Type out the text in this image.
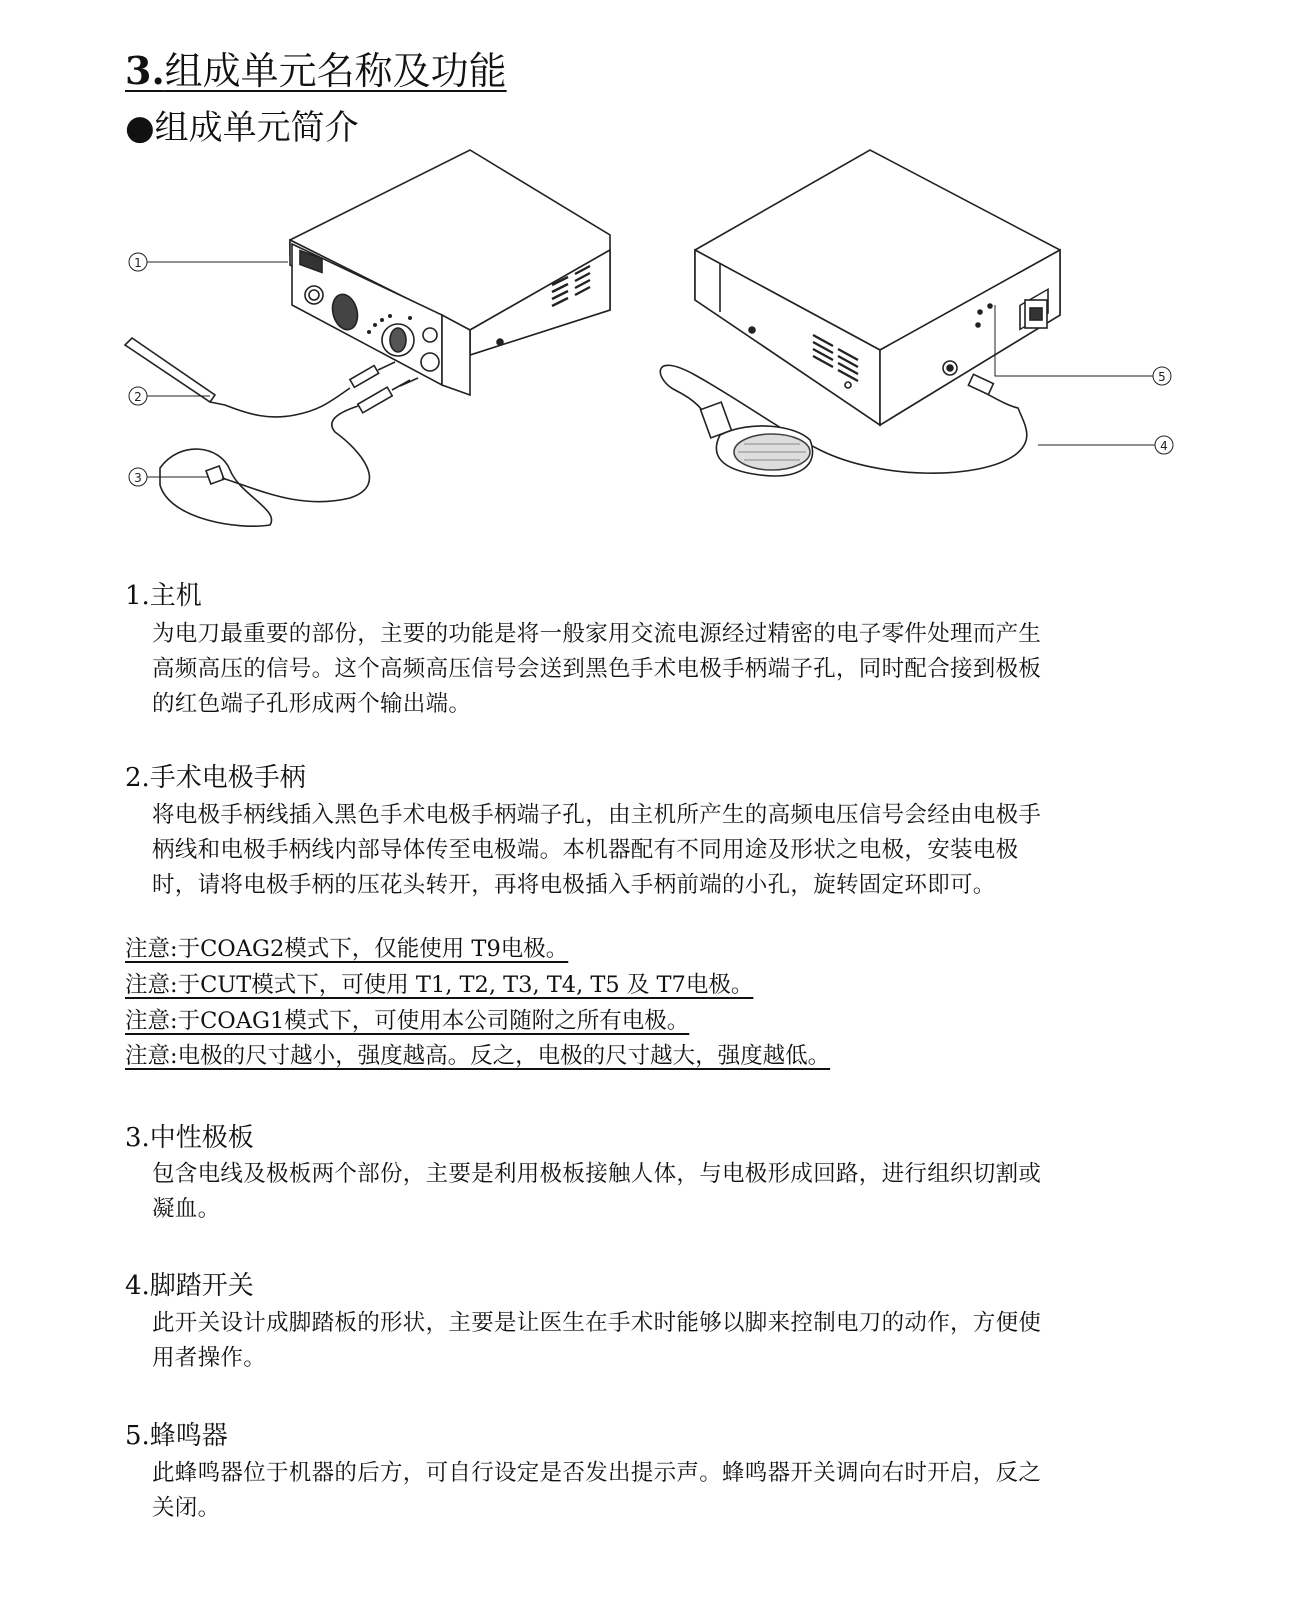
3.组成单元名称及功能
●组成单元简介
1
2
3
4
5
1.主机
为电刀最重要的部份，主要的功能是将一般家用交流电源经过精密的电子零件处理而产生
高频高压的信号。这个高频高压信号会送到黑色手术电极手柄端子孔，同时配合接到极板
的红色端子孔形成两个输出端。
2.手术电极手柄
将电极手柄线插入黑色手术电极手柄端子孔，由主机所产生的高频电压信号会经由电极手
柄线和电极手柄线内部导体传至电极端。本机器配有不同用途及形状之电极，安装电极
时，请将电极手柄的压花头转开，再将电极插入手柄前端的小孔，旋转固定环即可。
注意:于COAG2模式下，仅能使用 T9电极。
注意:于CUT模式下，可使用 T1, T2, T3, T4, T5 及 T7电极。
注意:于COAG1模式下，可使用本公司随附之所有电极。
注意:电极的尺寸越小，强度越高。反之，电极的尺寸越大，强度越低。
3.中性极板
包含电线及极板两个部份，主要是利用极板接触人体，与电极形成回路，进行组织切割或
凝血。
4.脚踏开关
此开关设计成脚踏板的形状，主要是让医生在手术时能够以脚来控制电刀的动作，方便使
用者操作。
5.蜂鸣器
此蜂鸣器位于机器的后方，可自行设定是否发出提示声。蜂鸣器开关调向右时开启，反之
关闭。
